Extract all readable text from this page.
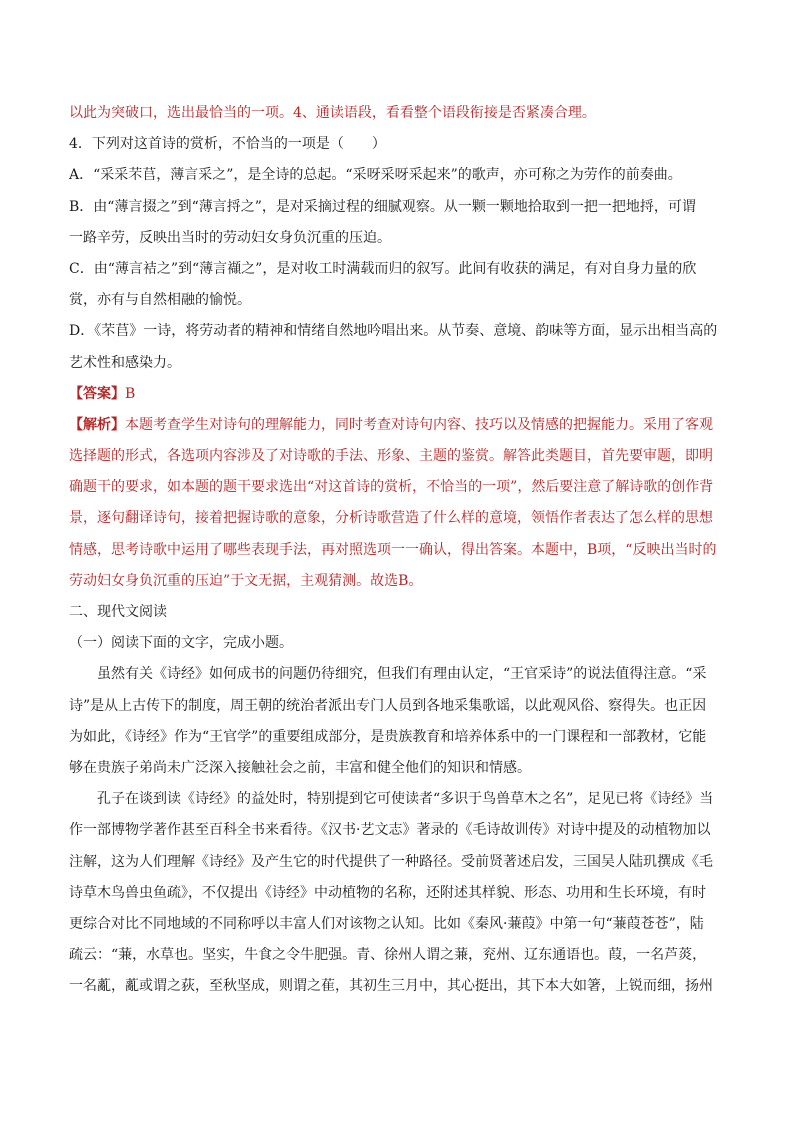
以此为突破口，选出最恰当的一项。4、通读语段，看看整个语段衔接是否紧凑合理。
4．下列对这首诗的赏析，不恰当的一项是（　　）
A．“采采芣苢，薄言采之”，是全诗的总起。“采呀采呀采起来”的歌声，亦可称之为劳作的前奏曲。
B．由“薄言掇之”到“薄言捋之”，是对采摘过程的细腻观察。从一颗一颗地拾取到一把一把地捋，可谓
一路辛劳，反映出当时的劳动妇女身负沉重的压迫。
C．由“薄言袺之”到“薄言襭之”，是对收工时满载而归的叙写。此间有收获的满足，有对自身力量的欣
赏，亦有与自然相融的愉悦。
D．《芣苢》一诗，将劳动者的精神和情绪自然地吟唱出来。从节奏、意境、韵味等方面，显示出相当高的
艺术性和感染力。
【答案】B
【解析】本题考查学生对诗句的理解能力，同时考查对诗句内容、技巧以及情感的把握能力。采用了客观
选择题的形式，各选项内容涉及了对诗歌的手法、形象、主题的鉴赏。解答此类题目，首先要审题，即明
确题干的要求，如本题的题干要求选出“对这首诗的赏析，不恰当的一项”，然后要注意了解诗歌的创作背
景，逐句翻译诗句，接着把握诗歌的意象，分析诗歌营造了什么样的意境，领悟作者表达了怎么样的思想
情感，思考诗歌中运用了哪些表现手法，再对照选项一一确认，得出答案。本题中，B项，“反映出当时的
劳动妇女身负沉重的压迫”于文无据，主观猜测。故选B。
二、现代文阅读
（一）阅读下面的文字，完成小题。
虽然有关《诗经》如何成书的问题仍待细究，但我们有理由认定，“王官采诗”的说法值得注意。“采
诗”是从上古传下的制度，周王朝的统治者派出专门人员到各地采集歌谣，以此观风俗、察得失。也正因
为如此，《诗经》作为“王官学”的重要组成部分，是贵族教育和培养体系中的一门课程和一部教材，它能
够在贵族子弟尚未广泛深入接触社会之前，丰富和健全他们的知识和情感。
孔子在谈到读《诗经》的益处时，特别提到它可使读者“多识于鸟兽草木之名”，足见已将《诗经》当
作一部博物学著作甚至百科全书来看待。《汉书·艺文志》著录的《毛诗故训传》对诗中提及的动植物加以
注解，这为人们理解《诗经》及产生它的时代提供了一种路径。受前贤著述启发，三国吴人陆玑撰成《毛
诗草木鸟兽虫鱼疏》，不仅提出《诗经》中动植物的名称，还附述其样貌、形态、功用和生长环境，有时
更综合对比不同地域的不同称呼以丰富人们对该物之认知。比如《秦风·蒹葭》中第一句“蒹葭苍苍”，陆
疏云：“蒹，水草也。坚实，牛食之令牛肥强。青、徐州人谓之蒹，兖州、辽东通语也。葭，一名芦菼，
一名薍，薍或谓之荻，至秋坚成，则谓之萑，其初生三月中，其心挺出，其下本大如箸，上锐而细，扬州
